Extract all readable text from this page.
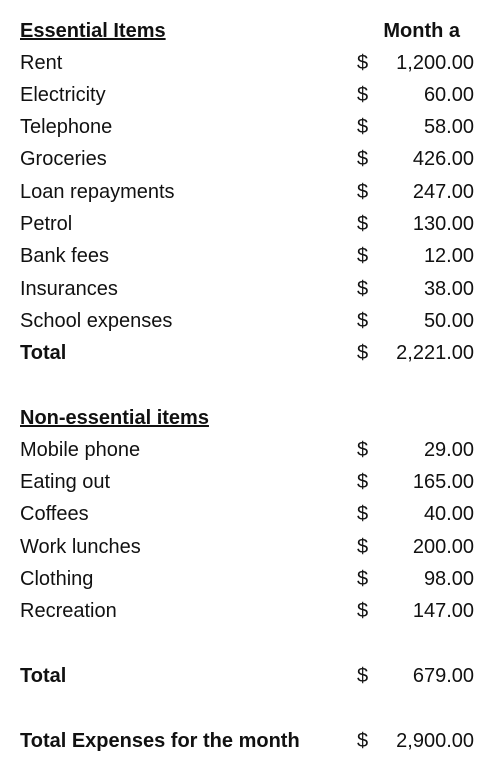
Essential Items	Month a
Rent	$ 1,200.00
Electricity	$	60.00
Telephone	$	58.00
Groceries	$ 426.00
Loan repayments	$ 247.00
Petrol	$ 130.00
Bank fees	$	12.00
Insurances	$	38.00
School expenses	$	50.00
Total	$ 2,221.00
Non-essential items
Mobile phone	$	29.00
Eating out	$ 165.00
Coffees	$	40.00
Work lunches	$ 200.00
Clothing	$	98.00
Recreation	$ 147.00
Total	$ 679.00
Total Expenses for the month	$ 2,900.00
